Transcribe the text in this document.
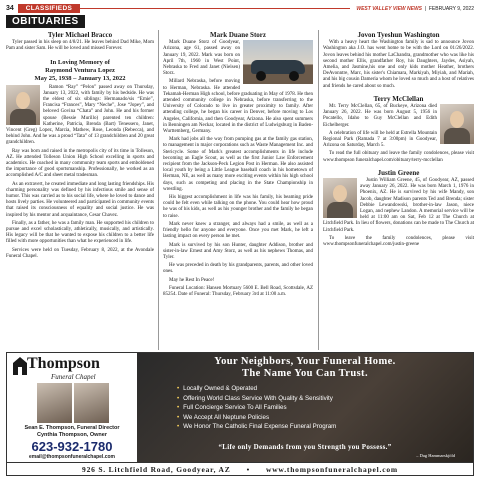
34	CLASSIFIEDS	WEST VALLEY VIEW NEWS  |  FEBRUARY 9, 2022
OBITUARIES
Tyler Michael Bracco

Tyler passed in his sleep on 4/8/21. He leaves behind Dad Mike, Mom Pam and sister Sam. He will be loved and missed Forever.

In Loving Memory of
Raymond Ventura Lopez
May 25, 1938 – January 13, 2022

Ramon “Ray” “Pelon” passed away on Thursday, January 13, 2022, with family by his bedside. He was the eldest of six siblings: Hermanado/sis “Ernie”, Francisa “Frances”, Mary “Neche”, Jose “Jopey”, and beloved Govina “Chata” and John. He and his former spouse (Bessie Murillo) parented ten children: Katherine, Patricia, Brenda (Bart) Tenessero, Janet, Vincent (Greg) Lopez, Marcia, Mathew, Rose, Leonda (Rebecca), and behind John. And he was a proud “Tata” of 13 grandchildren and 20 great grandchildren.

Ray was born and raised in the metropolis city of its time in Tolleson, AZ. He attended Tolleson Union High School excelling in sports and academics. He coached in many community team sports and emboldened the importance of good sportsmanship. Professionally, he worked as an accomplished A/C and sheet metal tradesman.

As an extravert, he created immediate and long lasting friendships. His charming personality was defined by his infectious smile and sense of humor. This was carried as to his social life, where he loved to dance and hosts lively parties. He volunteered and participated in community events that raised its consciousness of equality and social justice. He was inspired by his mentor and acquaintance, Cesar Chavez.

Finally, as a father, he was a family man. He supported his children to pursue and excel scholastically, athletically, musically, and artistically. His legacy will be that he wanted to expose his children to a better life filled with more opportunities than what he experienced in life.

Services were held on Tuesday, February 8, 2022, at the Avondale Funeral Chapel.

Mark Duane Storz

Mark Duane Storz of Goodyear, Arizona, age 61, passed away on January 19, 2022. Mark was born on April 7th, 1960 in West Point, Nebraska to Fred and Janet (Nielsen) Storz.

Millard Nebraska, before moving to Herman, Nebraska. He attended Tekamah-Herman High school, before graduating in May of 1978. He then attended community college in Nebraska, before transferring to the University of Colorado to live in greater proximity to family. After attending college, he began his career in Denver, before moving to Los Angeles, California, and then Goodyear, Arizona. He also spent summers in Benningen am Neckar, located in the district of Ludwigsburg in Baden-Wurttemberg, Germany.

Mark had jobs all the way from pumping gas at the family gas station, to management in major corporations such as Waste Management Inc. and Stericycle. Some of Mark's greatest accomplishments in life include becoming an Eagle Scout, as well as the first Junior Law Enforcement recipient from the Jackson-Peck Legion Post in Herman. He also assisted local youth by being a Little League baseball coach in his hometown of Herman, NE, as well as many more exciting events within his high school days, such as competing and placing in the State Championship in wrestling.

His biggest accomplishment in life was his family, his beaming pride could be felt even while talking on the phone. You could hear how proud he was of his kids, as well as his younger brother and the family he began to raise.

Mark never knew a stranger, and always had a smile, as well as a friendly hello for anyone and everyone. Once you met Mark, he left a lasting impact on every person he met.

Mark is survived by his son Hunter, daughter Addison, brother and sister-in-law Ernest and Amy Storz, as well as his nephews Thomas, and Tyler.

He was preceded in death by his grandparents, parents, and other loved ones.

May he Rest In Peace!

Funeral Location: Hansen Mortuary 5600 E. Bell Road, Scottsdale, AZ 85254. Date of Funeral: Thursday, February 3rd at 11:00 a.m.

Jovon Tyeshun Washington

With a heavy heart the Washington family is sad to announce Jovon Washington aka J.O. has went home to be with the Lord on 01/26/2022. Jovon leaves behind his mother LaChandra, grandmother who was like his second mother Ellis, grandfather Roy, his Daughters, Jaydes, Asiyah, Amelia, and Jasmine,his one and only kids mother Heather, brothers DeAvonntre, Marc, his sister's Chiamara, Markiyah, Miyiah, and Mariah, and his big cousin Dameria whom he loved so much and a host of relatives and friends he cared about so much.

Terry McClellan

Mr. Terry McClellan, 65, of Buckeye, Arizona died January 26, 2022. He was born August 5, 1956 in Pocatello, Idaho to Guy McClellan and Edith Eichelberger.

A celebration of life will be held at Estrella Mountain Regional Park (Ramada 7 at 3:00pm) in Goodyear, Arizona on Saturday, March 5.

To read the full obituary and leave the family condolences, please visit www.thompson funeralchapel.com/obituary/terry-mcclellan

Justin Greene

Justin William Greene, 45, of Goodyear, AZ, passed away January 26, 2022. He was born March 1, 1976 in Phoenix, AZ. He is survived by his wife Mandy, son Jacob, daughter Madison parents Ted and Brenda; sister Debbie Lewandowski, brother-in-law Jason, niece Logan, and nephew Landon. A memorial service will be held at 11:00 am on Sat, Feb 12 at The Church at Litchfield Park. In lieu of flowers, donations can be made to The Church at Litchfield Park.

To leave the family condolences, please visit www.thompsonfuneralchapel.com/justin-greene

Thompson
Funeral Chapel
Sean E. Thompson, Funeral Director
Cynthia Thompson, Owner
623-932-1780
email@thompsonfuneralchapel.com
Your Neighbors, Your Funeral Home.
The Name You Can Trust.
• Locally Owned & Operated
• Offering World Class Service With Quality & Sensitivity
• Full Concierge Service To All Families
• We Accept All Neptune Policies
• We Honor The Catholic Final Expense Funeral Program
“Life only Demands from you Strength you Possess.”
– Dag Hammarskjöld
926 S. Litchfield Road, Goodyear, AZ • www.thompsonfuneralchapel.com
